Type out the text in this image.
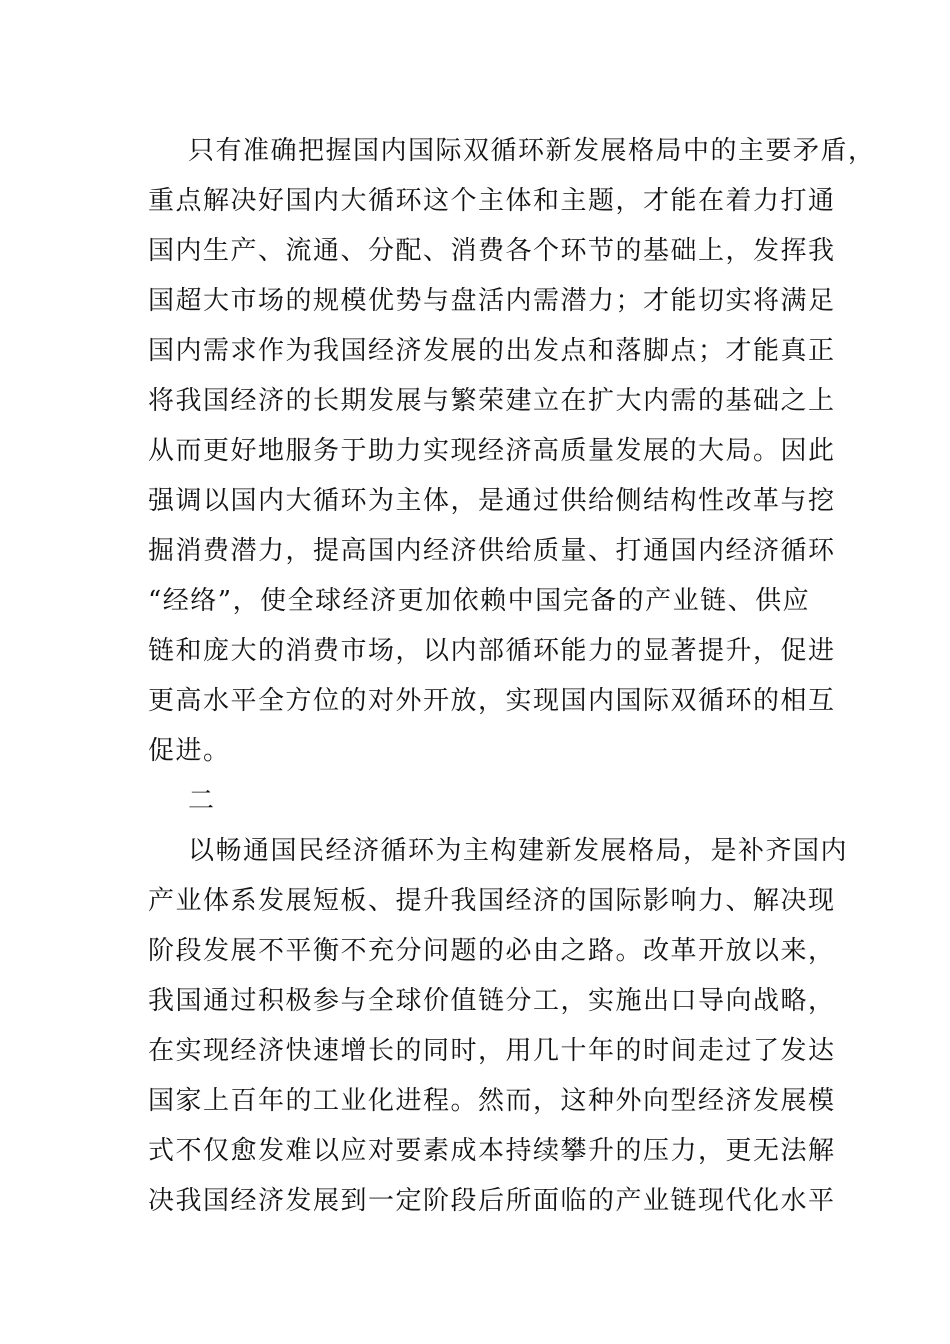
只有准确把握国内国际双循环新发展格局中的主要矛盾，
重点解决好国内大循环这个主体和主题，才能在着力打通
国内生产、流通、分配、消费各个环节的基础上，发挥我
国超大市场的规模优势与盘活内需潜力；才能切实将满足
国内需求作为我国经济发展的出发点和落脚点；才能真正
将我国经济的长期发展与繁荣建立在扩大内需的基础之上
从而更好地服务于助力实现经济高质量发展的大局。因此
强调以国内大循环为主体，是通过供给侧结构性改革与挖
掘消费潜力，提高国内经济供给质量、打通国内经济循环
“经络”，使全球经济更加依赖中国完备的产业链、供应
链和庞大的消费市场，以内部循环能力的显著提升，促进
更高水平全方位的对外开放，实现国内国际双循环的相互
促进。
二
以畅通国民经济循环为主构建新发展格局，是补齐国内
产业体系发展短板、提升我国经济的国际影响力、解决现
阶段发展不平衡不充分问题的必由之路。改革开放以来，
我国通过积极参与全球价值链分工，实施出口导向战略，
在实现经济快速增长的同时，用几十年的时间走过了发达
国家上百年的工业化进程。然而，这种外向型经济发展模
式不仅愈发难以应对要素成本持续攀升的压力，更无法解
决我国经济发展到一定阶段后所面临的产业链现代化水平
